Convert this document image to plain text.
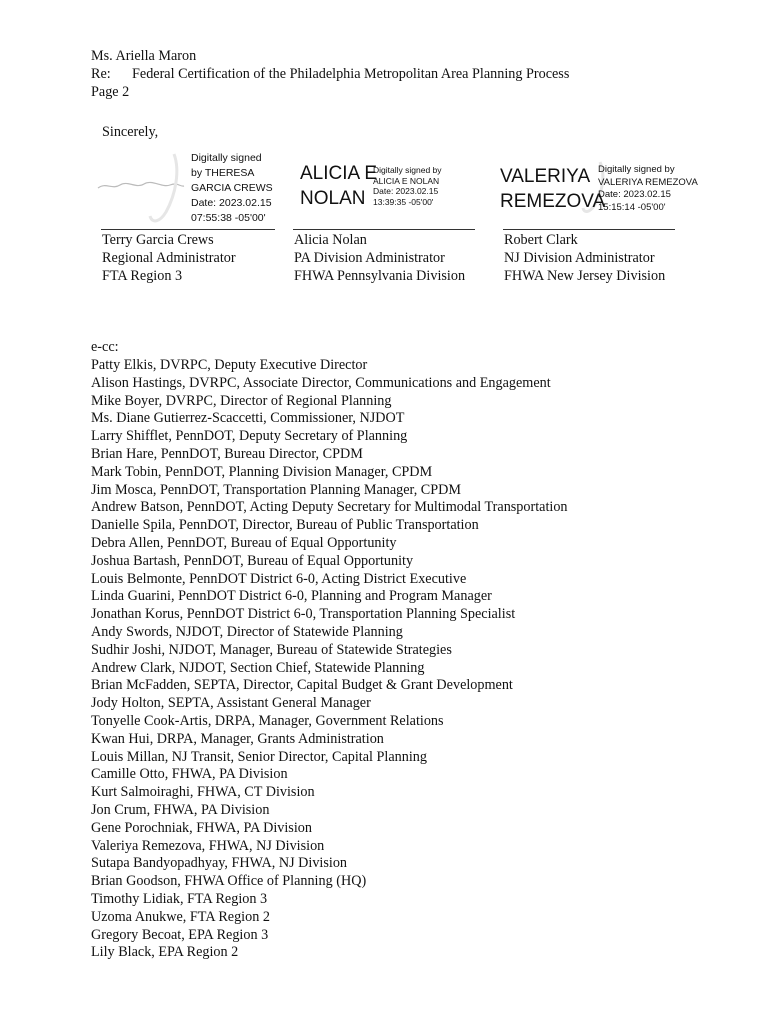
Ms. Ariella Maron
Re: Federal Certification of the Philadelphia Metropolitan Area Planning Process
Page 2
Sincerely,
Digitally signed
by THERESA
GARCIA CREWS
Date: 2023.02.15
07:55:38 -05'00'
Terry Garcia Crews
Regional Administrator
FTA Region 3
ALICIA E
NOLAN
Digitally signed by
ALICIA E NOLAN
Date: 2023.02.15
13:39:35 -05'00'
Alicia Nolan
PA Division Administrator
FHWA Pennsylvania Division
VALERIYA
REMEZOVA
Digitally signed by
VALERIYA REMEZOVA
Date: 2023.02.15
15:15:14 -05'00'
Robert Clark
NJ Division Administrator
FHWA New Jersey Division
e-cc:
Patty Elkis, DVRPC, Deputy Executive Director
Alison Hastings, DVRPC, Associate Director, Communications and Engagement
Mike Boyer, DVRPC, Director of Regional Planning
Ms. Diane Gutierrez-Scaccetti, Commissioner, NJDOT
Larry Shifflet, PennDOT, Deputy Secretary of Planning
Brian Hare, PennDOT, Bureau Director, CPDM
Mark Tobin, PennDOT, Planning Division Manager, CPDM
Jim Mosca, PennDOT, Transportation Planning Manager, CPDM
Andrew Batson, PennDOT, Acting Deputy Secretary for Multimodal Transportation
Danielle Spila, PennDOT, Director, Bureau of Public Transportation
Debra Allen, PennDOT, Bureau of Equal Opportunity
Joshua Bartash, PennDOT, Bureau of Equal Opportunity
Louis Belmonte, PennDOT District 6-0, Acting District Executive
Linda Guarini, PennDOT District 6-0, Planning and Program Manager
Jonathan Korus, PennDOT District 6-0, Transportation Planning Specialist
Andy Swords, NJDOT, Director of Statewide Planning
Sudhir Joshi, NJDOT, Manager, Bureau of Statewide Strategies
Andrew Clark, NJDOT, Section Chief, Statewide Planning
Brian McFadden, SEPTA, Director, Capital Budget & Grant Development
Jody Holton, SEPTA, Assistant General Manager
Tonyelle Cook-Artis, DRPA, Manager, Government Relations
Kwan Hui, DRPA, Manager, Grants Administration
Louis Millan, NJ Transit, Senior Director, Capital Planning
Camille Otto, FHWA, PA Division
Kurt Salmoiraghi, FHWA, CT Division
Jon Crum, FHWA, PA Division
Gene Porochniak, FHWA, PA Division
Valeriya Remezova, FHWA, NJ Division
Sutapa Bandyopadhyay, FHWA, NJ Division
Brian Goodson, FHWA Office of Planning (HQ)
Timothy Lidiak, FTA Region 3
Uzoma Anukwe, FTA Region 2
Gregory Becoat, EPA Region 3
Lily Black, EPA Region 2
